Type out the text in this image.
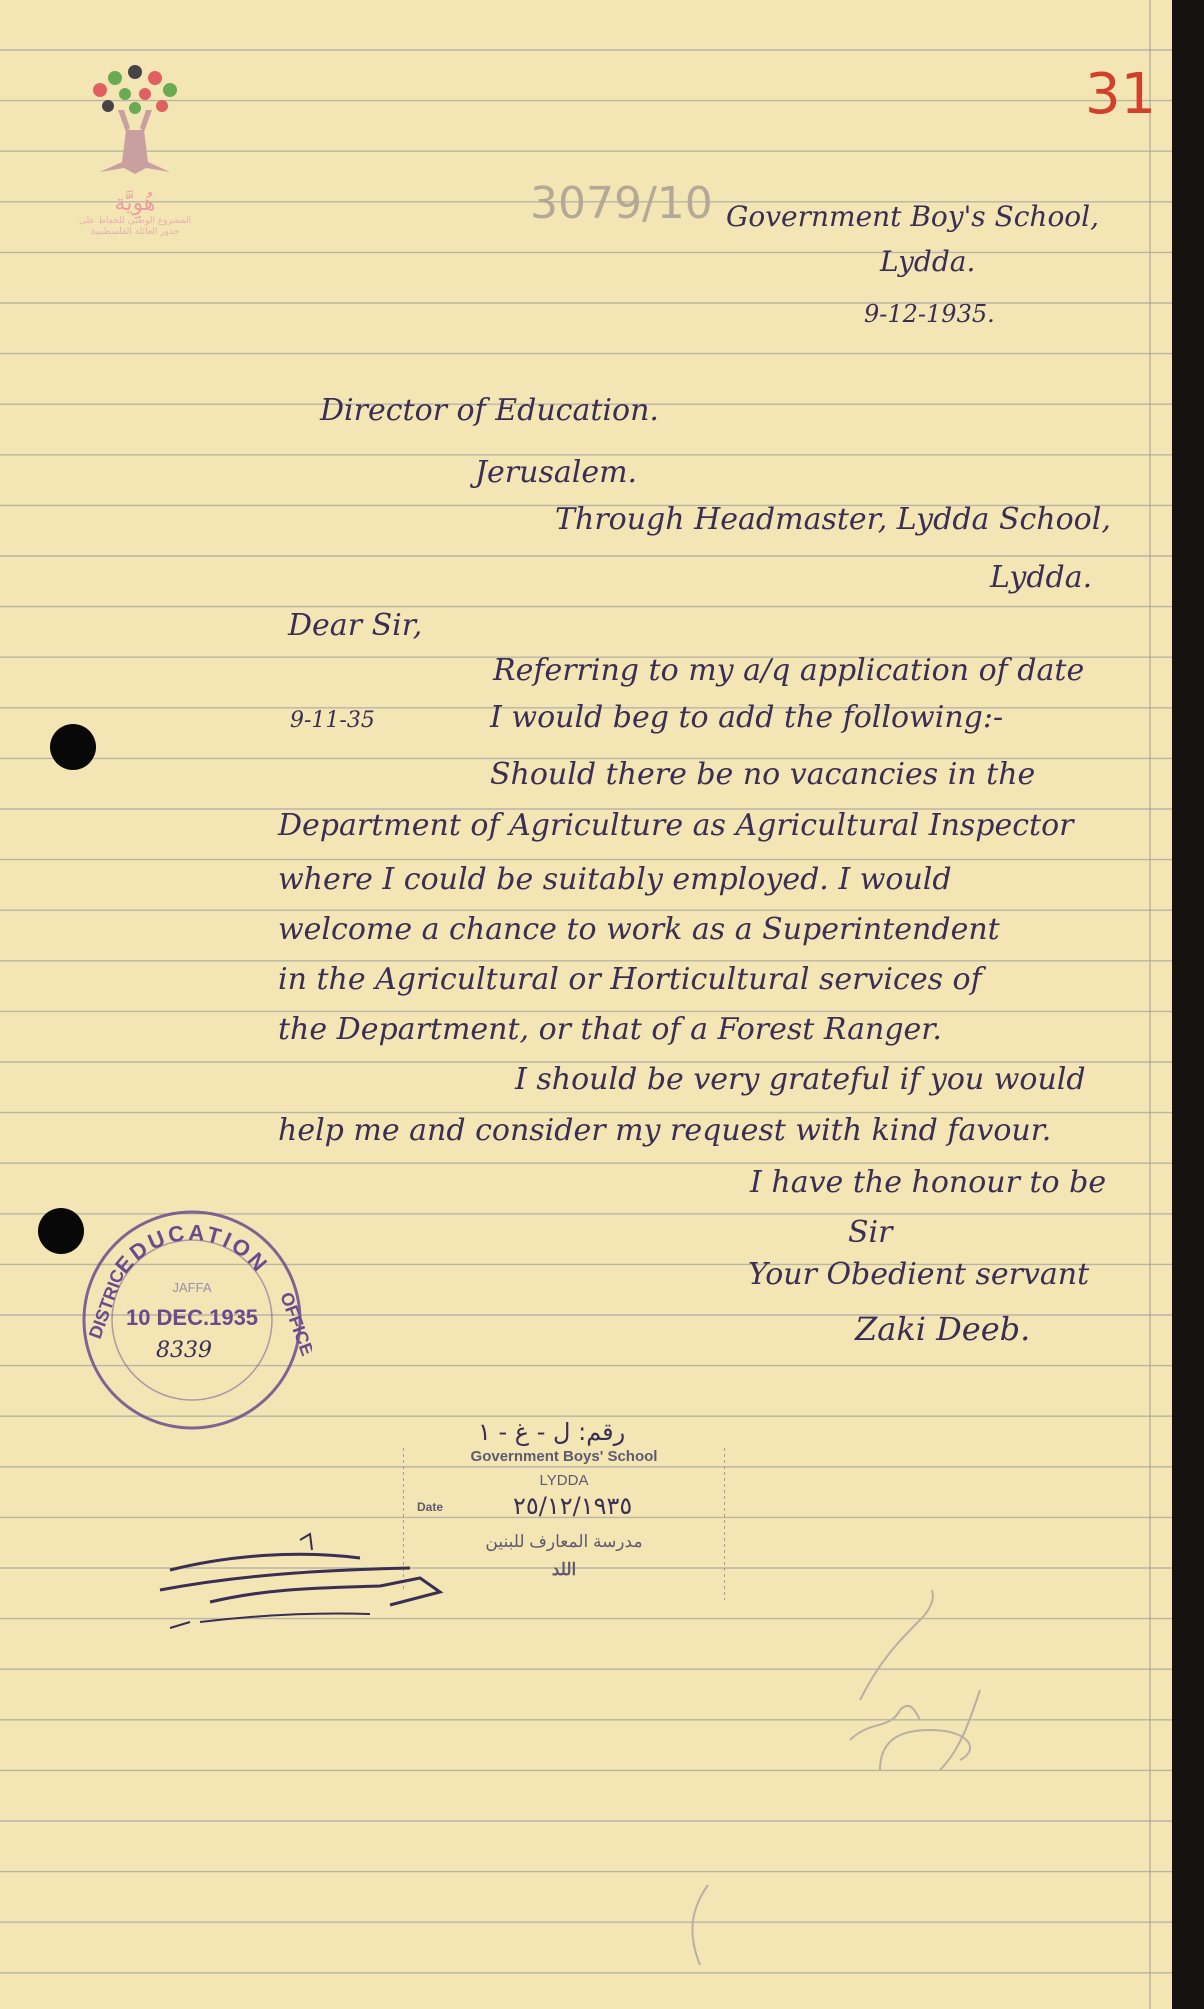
هُوِيَّة
المشروع الوطني للحفاظ على جذور العائلة الفلسطينية
31
3079/10 Government Boy's School,
Lydda.
9-12-1935.
Director of Education.
Jerusalem.
Through Headmaster, Lydda School,
Lydda.
Dear Sir,
Referring to my a/q application of date
9-11-35	I would beg to add the following:-
Should there be no vacancies in the
Department of Agriculture as Agricultural Inspector
where I could be suitably employed. I would
welcome a chance to work as a Superintendent
in the Agricultural or Horticultural services of
the Department, or that of a Forest Ranger.
I should be very grateful if you would
help me and consider my request with kind favour.
I have the honour to be
Sir
Your Obedient servant
Zaki Deeb.
EDUCATION
DISTRIC	OFFICE
JAFFA
10 DEC.1935
8339
رقم: ل - غ - ١
Government Boys' School
LYDDA
Date	٢٥/١٢/١٩٣٥
مدرسة المعارف للبنين
اللد
